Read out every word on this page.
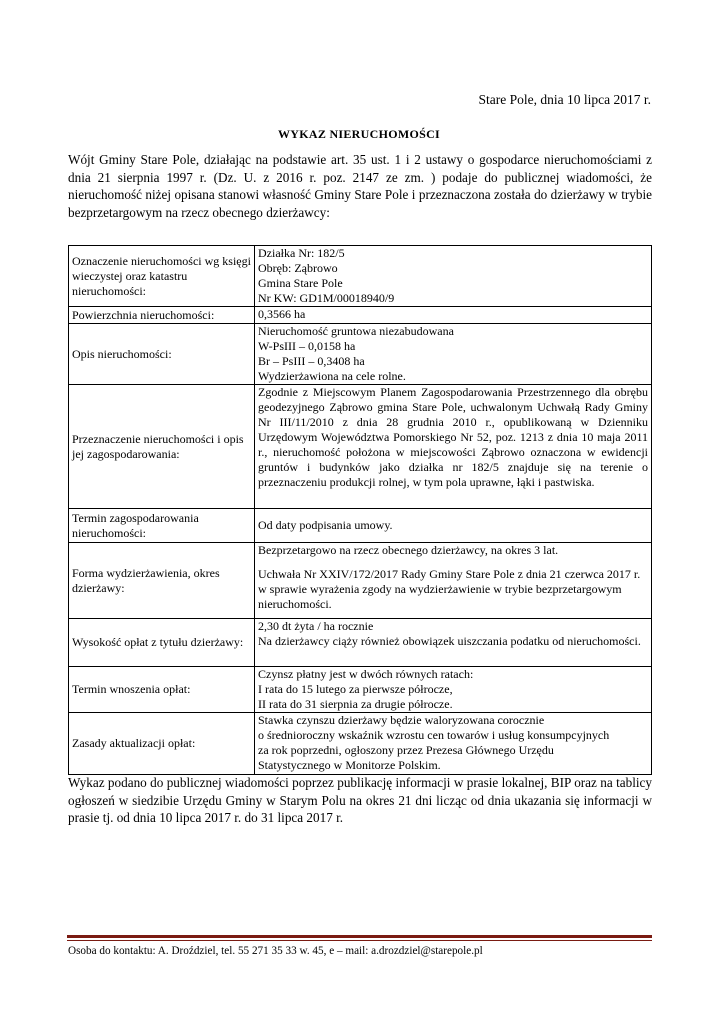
Stare Pole, dnia 10 lipca 2017 r.
WYKAZ NIERUCHOMOŚCI
Wójt Gminy Stare Pole, działając na podstawie art. 35 ust. 1 i 2 ustawy o gospodarce nieruchomościami z dnia 21 sierpnia 1997 r. (Dz. U. z 2016 r. poz. 2147 ze zm. ) podaje do publicznej wiadomości, że nieruchomość niżej opisana stanowi własność Gminy Stare Pole i przeznaczona została do dzierżawy w trybie bezprzetargowym na rzecz obecnego dzierżawcy:
Oznaczenie nieruchomości wg księgi wieczystej oraz katastru nieruchomości:	Działka Nr: 182/5
Obręb: Ząbrowo
Gmina Stare Pole
Nr KW: GD1M/00018940/9

Powierzchnia nieruchomości:	0,3566 ha

Opis nieruchomości:	Nieruchomość gruntowa niezabudowana
W-PsIII – 0,0158 ha
Br – PsIII – 0,3408 ha
Wydzierżawiona na cele rolne.

Przeznaczenie nieruchomości i opis jej zagospodarowania:	Zgodnie z Miejscowym Planem Zagospodarowania Przestrzennego dla obrębu geodezyjnego Ząbrowo gmina Stare Pole, uchwalonym Uchwałą Rady Gminy Nr III/11/2010 z dnia 28 grudnia 2010 r., opublikowaną w Dzienniku Urzędowym Województwa Pomorskiego Nr 52, poz. 1213 z dnia 10 maja 2011 r., nieruchomość położona w miejscowości Ząbrowo oznaczona w ewidencji gruntów i budynków jako działka nr 182/5 znajduje się na terenie o przeznaczeniu produkcji rolnej, w tym pola uprawne, łąki i pastwiska.
Termin zagospodarowania nieruchomości:	Od daty podpisania umowy.

Forma wydzierżawienia, okres dzierżawy:	Bezprzetargowo na rzecz obecnego dzierżawcy, na okres 3 lat.
Uchwała Nr XXIV/172/2017 Rady Gminy Stare Pole z dnia 21 czerwca 2017 r. w sprawie wyrażenia zgody na wydzierżawienie w trybie bezprzetargowym nieruchomości.

Wysokość opłat z tytułu dzierżawy:	2,30 dt żyta / ha rocznie
Na dzierżawcy ciąży również obowiązek uiszczania podatku od nieruchomości.

Termin wnoszenia opłat:	Czynsz płatny jest w dwóch równych ratach:
I rata do 15 lutego za pierwsze półrocze,
II rata do 31 sierpnia za drugie półrocze.

Zasady aktualizacji opłat:	Stawka czynszu dzierżawy będzie waloryzowana corocznie
o średnioroczny wskaźnik wzrostu cen towarów i usług konsumpcyjnych
za rok poprzedni, ogłoszony przez Prezesa Głównego Urzędu
Statystycznego w Monitorze Polskim.
Wykaz podano do publicznej wiadomości poprzez publikację informacji w prasie lokalnej, BIP oraz na tablicy ogłoszeń w siedzibie Urzędu Gminy w Starym Polu na okres 21 dni licząc od dnia ukazania się informacji w prasie tj. od dnia 10 lipca 2017 r. do 31 lipca 2017 r.
Osoba do kontaktu: A. Droździel, tel. 55 271 35 33 w. 45, e – mail: a.drozdziel@starepole.pl
